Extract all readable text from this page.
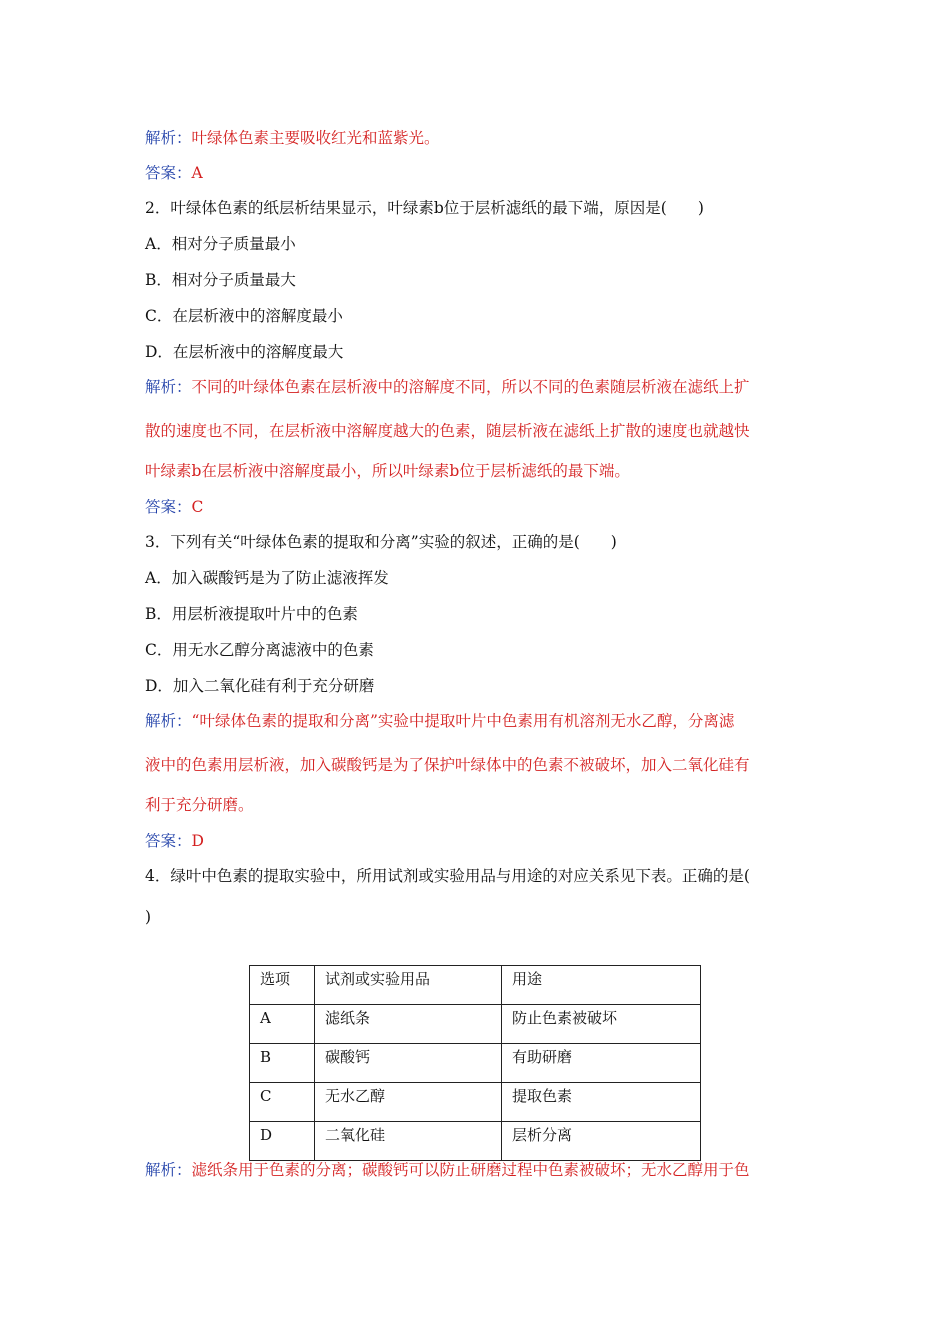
解析：叶绿体色素主要吸收红光和蓝紫光。
答案：A
2．叶绿体色素的纸层析结果显示，叶绿素b位于层析滤纸的最下端，原因是(　　)
A．相对分子质量最小
B．相对分子质量最大
C．在层析液中的溶解度最小
D．在层析液中的溶解度最大
解析：不同的叶绿体色素在层析液中的溶解度不同，所以不同的色素随层析液在滤纸上扩
散的速度也不同，在层析液中溶解度越大的色素，随层析液在滤纸上扩散的速度也就越快
叶绿素b在层析液中溶解度最小，所以叶绿素b位于层析滤纸的最下端。
答案：C
3．下列有关“叶绿体色素的提取和分离”实验的叙述，正确的是(　　)
A．加入碳酸钙是为了防止滤液挥发
B．用层析液提取叶片中的色素
C．用无水乙醇分离滤液中的色素
D．加入二氧化硅有利于充分研磨
解析：“叶绿体色素的提取和分离”实验中提取叶片中色素用有机溶剂无水乙醇，分离滤
液中的色素用层析液，加入碳酸钙是为了保护叶绿体中的色素不被破坏，加入二氧化硅有
利于充分研磨。
答案：D
4．绿叶中色素的提取实验中，所用试剂或实验用品与用途的对应关系见下表。正确的是(
)
选项	试剂或实验用品	用途
A	滤纸条	防止色素被破坏
B	碳酸钙	有助研磨
C	无水乙醇	提取色素
D	二氧化硅	层析分离
解析：滤纸条用于色素的分离；碳酸钙可以防止研磨过程中色素被破坏；无水乙醇用于色
